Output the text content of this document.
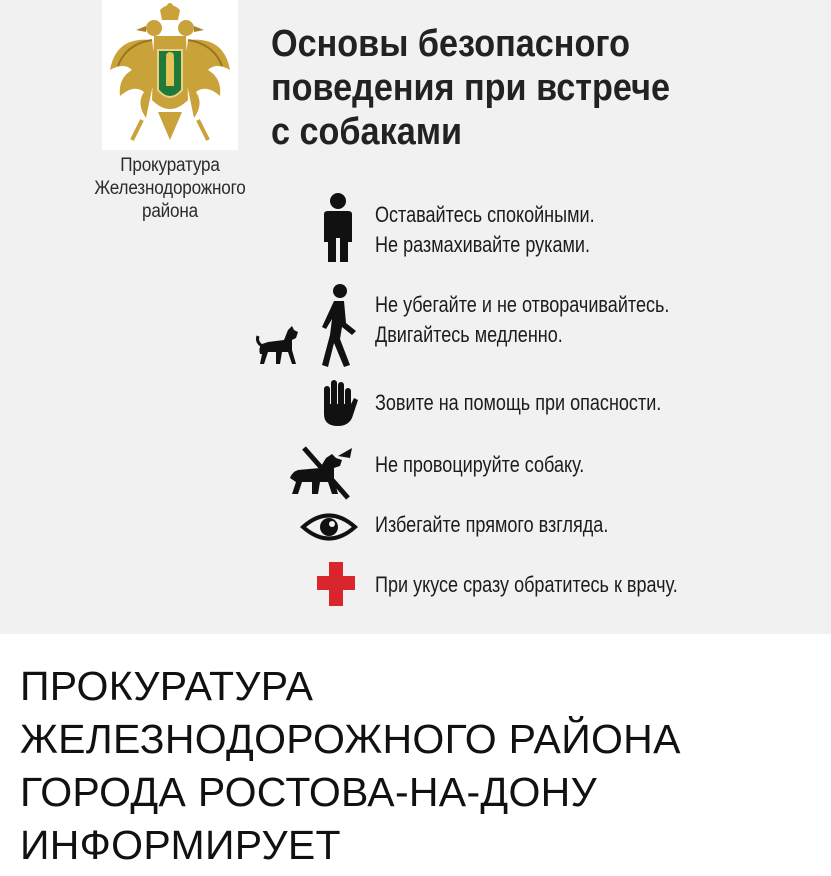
Прокуратура
Железнодорожного
района
Основы безопасного
поведения при встрече
с собаками
Оставайтесь спокойными.
Не размахивайте руками.
Не убегайте и не отворачивайтесь.
Двигайтесь медленно.
Зовите на помощь при опасности.
Не провоцируйте собаку.
Избегайте прямого взгляда.
При укусе сразу обратитесь к врачу.
ПРОКУРАТУРА
ЖЕЛЕЗНОДОРОЖНОГО РАЙОНА
ГОРОДА РОСТОВА-НА-ДОНУ
ИНФОРМИРУЕТ
